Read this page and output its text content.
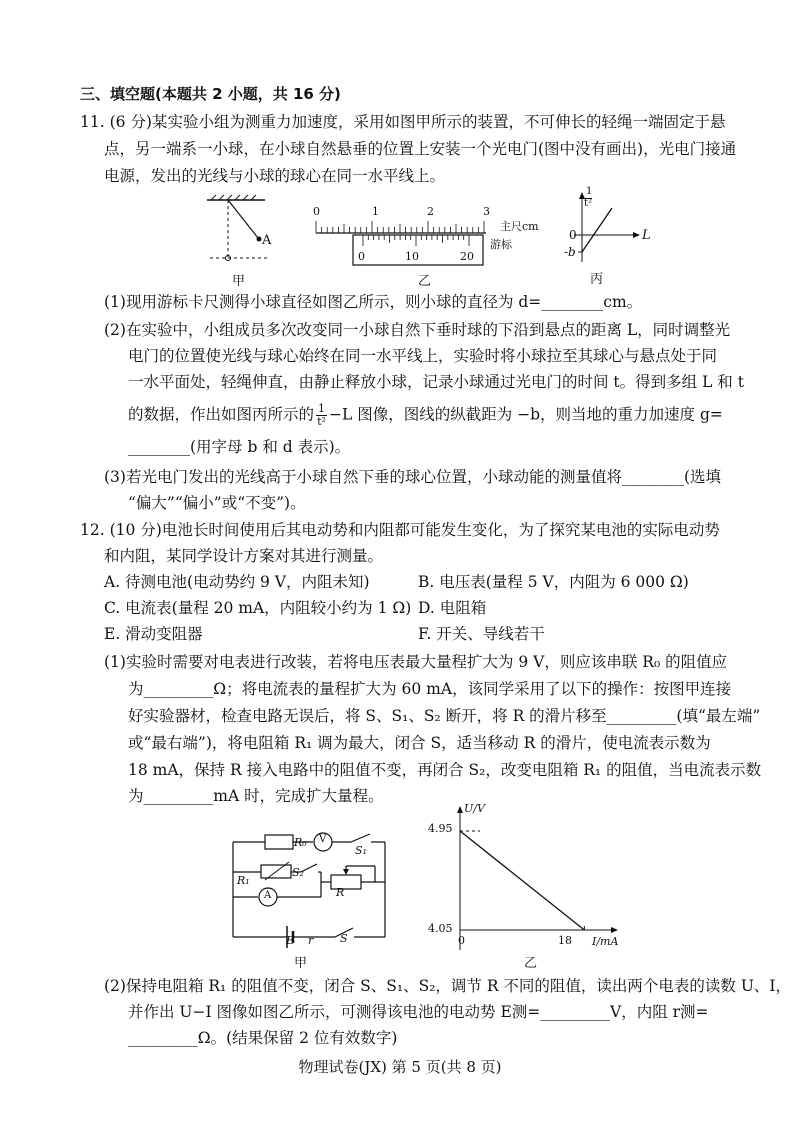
三、填空题(本题共 2 小题，共 16 分)
11. (6 分)某实验小组为测重力加速度，采用如图甲所示的装置，不可伸长的轻绳一端固定于悬
点，另一端系一小球，在小球自然悬垂的位置上安装一个光电门(图中没有画出)，光电门接通
电源，发出的光线与小球的球心在同一水平线上。
A
甲
0	1	2	3
主尺cm
0	10	20
游标
乙
1
t²
L
0
-b
丙
(1)现用游标卡尺测得小球直径如图乙所示，则小球的直径为 d=________cm。
(2)在实验中，小组成员多次改变同一小球自然下垂时球的下沿到悬点的距离 L，同时调整光
电门的位置使光线与球心始终在同一水平线上，实验时将小球拉至其球心与悬点处于同
一水平面处，轻绳伸直，由静止释放小球，记录小球通过光电门的时间 t。得到多组 L 和 t
的数据，作出如图丙所示的 $\frac{1}{\text{t²}} -L$ 图像，图线的纵截距为 −b，则当地的重力加速度 g=
________(用字母 b 和 d 表示)。
(3)若光电门发出的光线高于小球自然下垂的球心位置，小球动能的测量值将________(选填
“偏大”“偏小”或“不变”)。
12. (10 分)电池长时间使用后其电动势和内阻都可能发生变化，为了探究某电池的实际电动势
和内阻，某同学设计方案对其进行测量。
A. 待测电池(电动势约 9 V，内阻未知)	B. 电压表(量程 5 V，内阻为 6 000 Ω)
C. 电流表(量程 20 mA，内阻较小约为 1 Ω) D. 电阻箱
E. 滑动变阻器	F. 开关、导线若干
(1)实验时需要对电表进行改装，若将电压表最大量程扩大为 9 V，则应该串联 R₀ 的阻值应
为_________Ω；将电流表的量程扩大为 60 mA，该同学采用了以下的操作：按图甲连接
好实验器材，检查电路无误后，将 S、S₁、S₂ 断开，将 R 的滑片移至_________(填“最左端”
或“最右端”)，将电阻箱 R₁ 调为最大，闭合 S，适当移动 R 的滑片，使电流表示数为
18 mA，保持 R 接入电路中的阻值不变，再闭合 S₂，改变电阻箱 R₁ 的阻值，当电流表示数
为_________mA 时，完成扩大量程。
R₀ V
S₁
R₁
S₂
R
A
E r S
甲
U/V
I/mA
4.95
4.05
0	18
乙
(2)保持电阻箱 R₁ 的阻值不变，闭合 S、S₁、S₂，调节 R 不同的阻值，读出两个电表的读数 U、I，
并作出 U−I 图像如图乙所示，可测得该电池的电动势 E测=_________V，内阻 r测=
_________Ω。(结果保留 2 位有效数字)
物理试卷(JX) 第 5 页(共 8 页)
